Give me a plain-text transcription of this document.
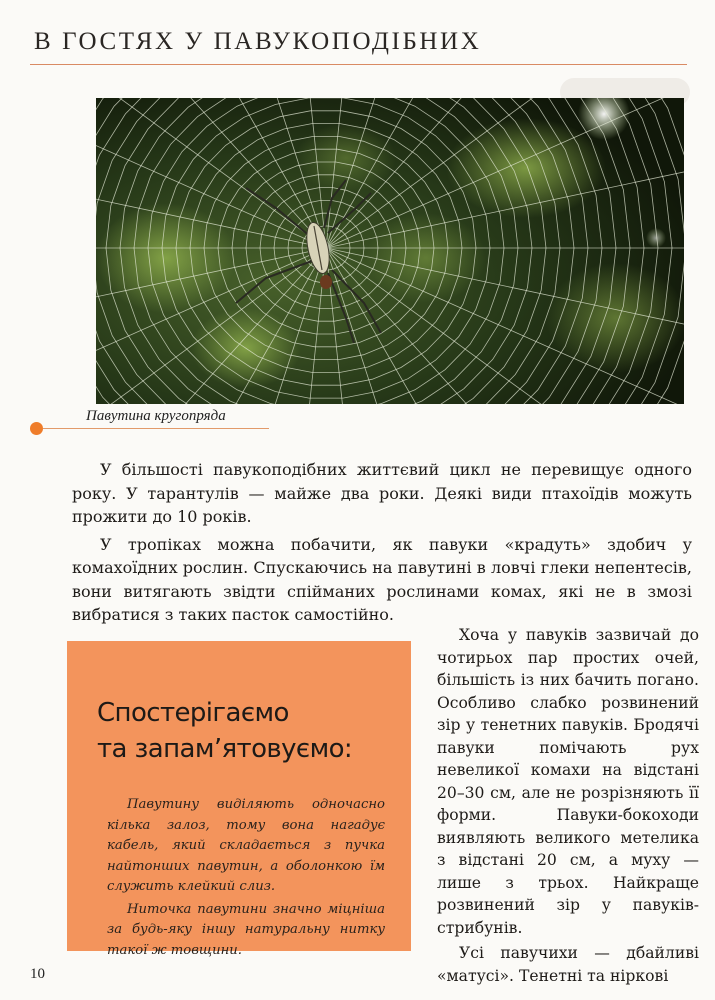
В ГОСТЯХ У ПАВУКОПОДІБНИХ
Павутина кругопряда

У більшості павукоподібних життєвий цикл не перевищує одного року. У тарантулів — майже два роки. Деякі види птахоїдів можуть прожити до 10 років.

У тропіках можна побачити, як павуки «крадуть» здобич у комахоїдних рослин. Спускаючись на павутині в ловчі глеки непентесів, вони витягають звідти спійманих рослинами комах, які не в змозі вибратися з таких пасток самостійно.

Спостерігаємо
та запам’ятовуємо:

Павутину виділяють одночасно кілька залоз, тому вона нагадує кабель, який складається з пучка найтонших павутин, а оболонкою їм служить клейкий слиз.

Ниточка павутини значно міцніша за будь-яку іншу натуральну нитку такої ж товщини.

Хоча у павуків зазвичай до чотирьох пар простих очей, більшість із них бачить погано. Особливо слабко розвинений зір у тенетних павуків. Бродячі павуки помічають рух невеликої комахи на відстані 20–30 см, але не розрізняють її форми. Павуки-бокоходи виявляють великого метелика з відстані 20 см, а муху — лише з трьох. Найкраще розвинений зір у павуків-стрибунів.

Усі павучихи — дбайливі «матусі». Тенетні та ніркові

10
